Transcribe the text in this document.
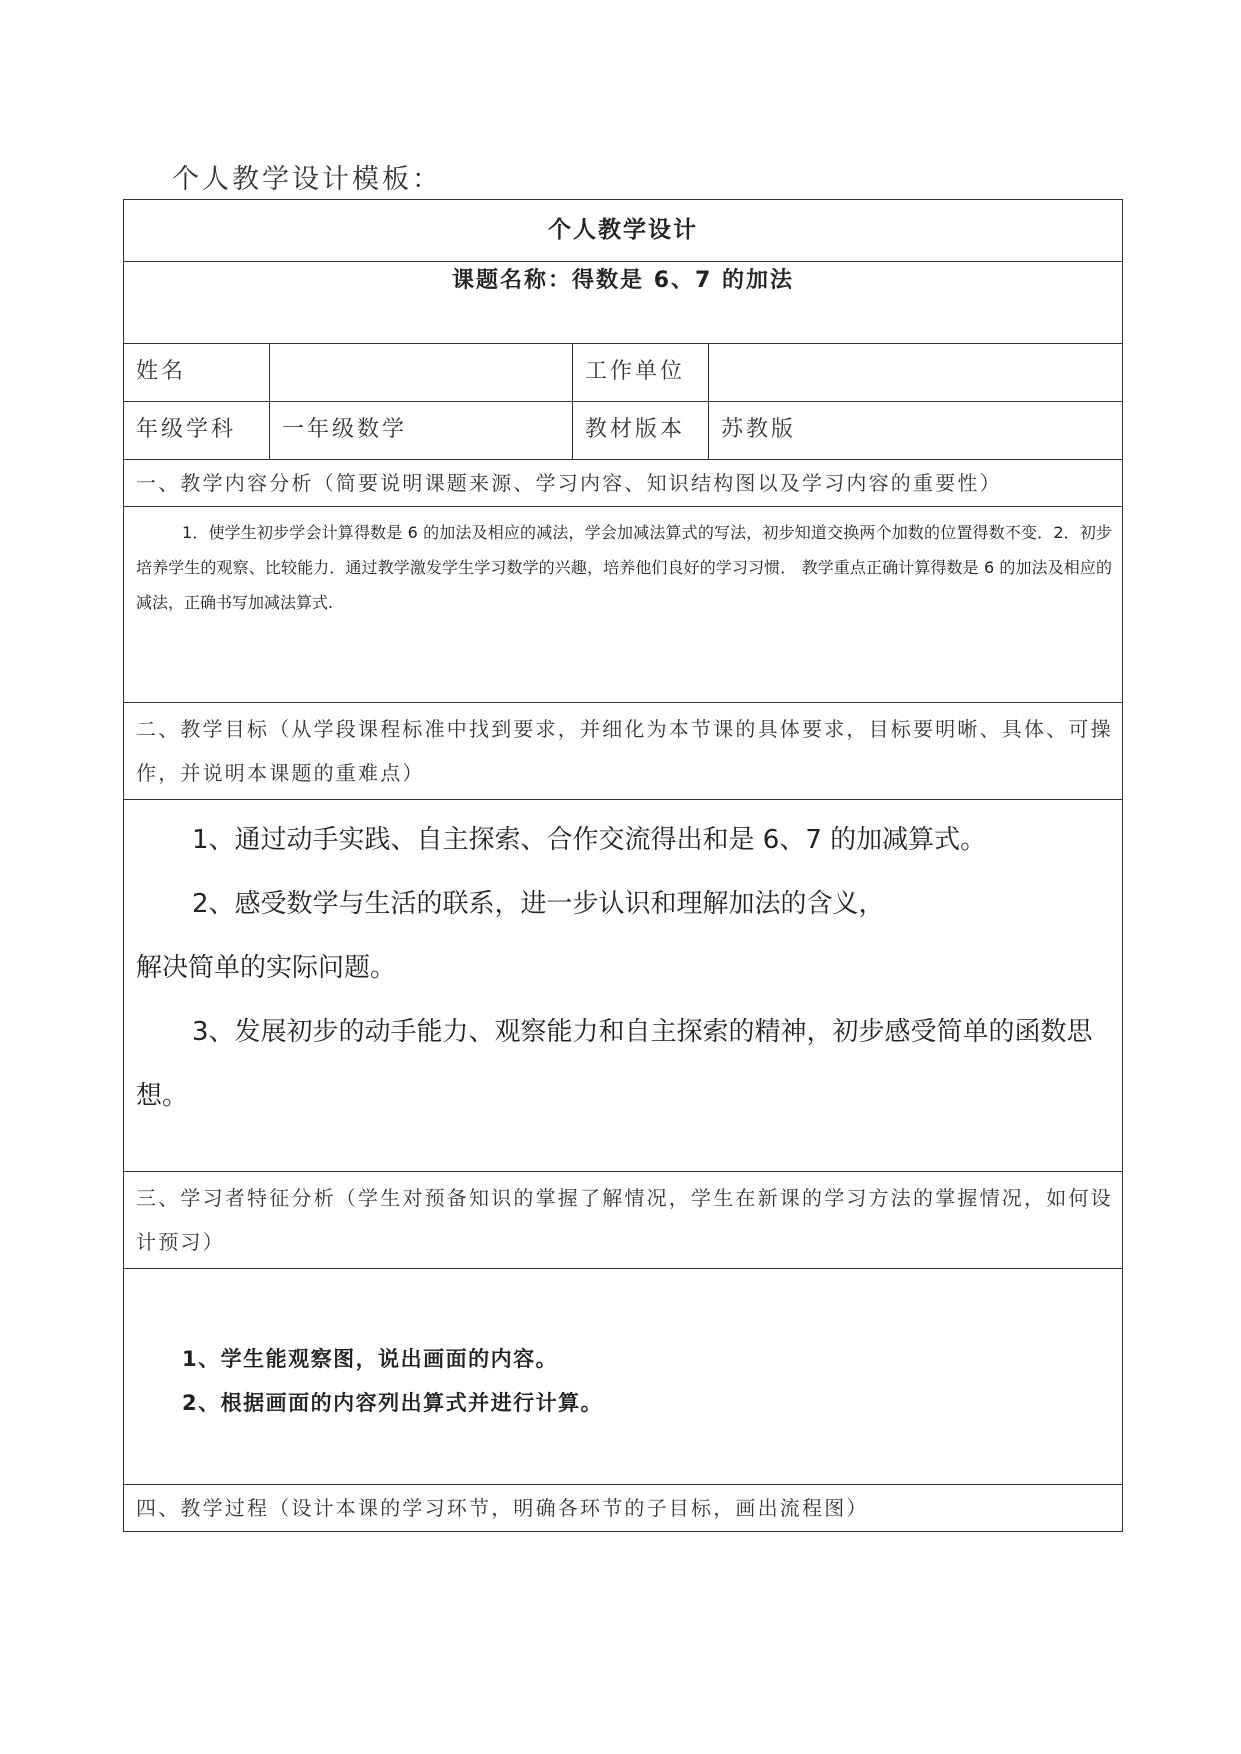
个人教学设计模板：
个人教学设计			
课题名称：得数是 6、7 的加法			
姓名		工作单位	
年级学科	一年级数学	教材版本	苏教版
一、教学内容分析（简要说明课题来源、学习内容、知识结构图以及学习内容的重要性）			
1．使学生初步学会计算得数是 6 的加法及相应的减法，学会加减法算式的写法，初步知道交换两个加数的位置得数不变．2．初步培养学生的观察、比较能力．通过教学激发学生学习数学的兴趣，培养他们良好的学习习惯． 教学重点正确计算得数是 6 的加法及相应的减法，正确书写加减法算式.			
二、教学目标（从学段课程标准中找到要求，并细化为本节课的具体要求，目标要明晰、具体、可操作，并说明本课题的重难点）			

1、通过动手实践、自主探索、合作交流得出和是 6、7 的加减算式。
2、感受数学与生活的联系，进一步认识和理解加法的含义，
解决简单的实际问题。
3、发展初步的动手能力、观察能力和自主探索的精神，初步感受简单的函数思想。			

三、学习者特征分析（学生对预备知识的掌握了解情况，学生在新课的学习方法的掌握情况，如何设计预习）			

1、学生能观察图，说出画面的内容。
2、根据画面的内容列出算式并进行计算。			

四、教学过程（设计本课的学习环节，明确各环节的子目标，画出流程图）			
